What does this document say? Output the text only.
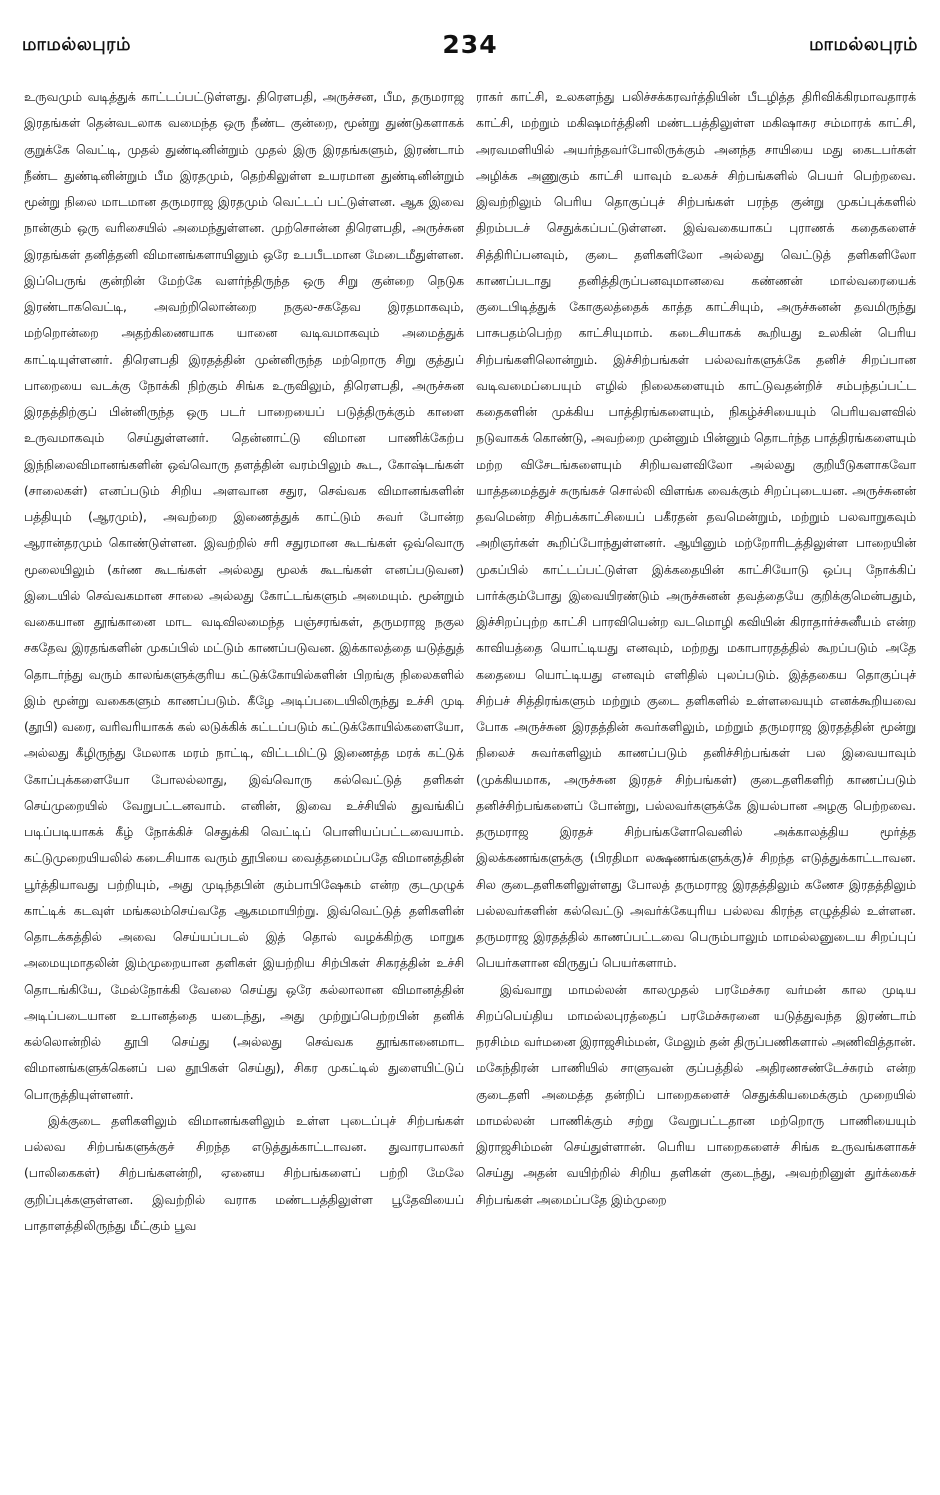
மாமல்லபுரம்	234	மாமல்லபுரம்

உருவமும் வடித்துக் காட்டப்பட்டுள்ளது. திரௌபதி, அருச்சன, பீம, தருமராஜ இரதங்கள் தென்வடலாக வமைந்த ஒரு நீண்ட குன்றை, மூன்று துண்டுகளாகக் குறுக்கே வெட்டி, முதல் துண்டினின்றும் முதல் இரு இரதங்களும், இரண்டாம் நீண்ட துண்டினின்றும் பீம இரதமும், தெற்கிலுள்ள உயரமான துண்டினின்றும் மூன்று நிலை மாடமான தருமராஜ இரதமும் வெட்டப் பட்டுள்ளன. ஆக இவை நான்கும் ஒரு வரிசையில் அமைந்துள்ளன. முற்சொன்ன திரௌபதி, அருச்சுன இரதங்கள் தனித்தனி விமானங்களாயினும் ஒரே உபபீடமான மேடைமீதுள்ளன. இப்பெருங் குன்றின் மேற்கே வளர்ந்திருந்த ஒரு சிறு குன்றை நெடுக இரண்டாகவெட்டி, அவற்றிலொன்றை நகுல-சகதேவ இரதமாகவும், மற்றொன்றை அதற்கிணையாக யானை வடிவமாகவும் அமைத்துக் காட்டியுள்ளனர். திரௌபதி இரதத்தின் முன்னிருந்த மற்றொரு சிறு குத்துப் பாறையை வடக்கு நோக்கி நிற்கும் சிங்க உருவிலும், திரௌபதி, அருச்சுன இரதத்திற்குப் பின்னிருந்த ஒரு படர் பாறையைப் படுத்திருக்கும் காளை உருவமாகவும் செய்துள்ளனர். தென்னாட்டு விமான பாணிக்கேற்ப இந்நிலைவிமானங்களின் ஒவ்வொரு தளத்தின் வரம்பிலும் கூட, கோஷ்டங்கள் (சாலைகள்) எனப்படும் சிறிய அளவான சதுர, செவ்வக விமானங்களின் பத்தியும் (ஆரமும்), அவற்றை இணைத்துக் காட்டும் சுவர் போன்ற ஆரான்தரமும் கொண்டுள்ளன. இவற்றில் சரி சதுரமான கூடங்கள் ஒவ்வொரு மூலையிலும் (கர்ண கூடங்கள் அல்லது மூலக் கூடங்கள் எனப்படுவன) இடையில் செவ்வகமான சாலை அல்லது கோட்டங்களும் அமையும். மூன்றும் வகையான தூங்கானை மாட வடிவிலமைந்த பஞ்சரங்கள், தருமராஜ நகுல சகதேவ இரதங்களின் முகப்பில் மட்டும் காணப்படுவன. இக்காலத்தை யடுத்துத் தொடர்ந்து வரும் காலங்களுக்குரிய கட்டுக்கோயில்களின் பிறங்கு நிலைகளில் இம் மூன்று வகைகளும் காணப்படும். கீழே அடிப்படையிலிருந்து உச்சி முடி (தூபி) வரை, வரிவரியாகக் கல் லடுக்கிக் கட்டப்படும் கட்டுக்கோயில்களையோ, அல்லது கீழிருந்து மேலாக மரம் நாட்டி, விட்டமிட்டு இணைத்த மரக் கட்டுக் கோப்புக்களையோ போலல்லாது, இவ்வொரு கல்வெட்டுத் தளிகள் செய்முறையில் வேறுபட்டனவாம். எனின், இவை உச்சியில் துவங்கிப் படிப்படியாகக் கீழ் நோக்கிச் செதுக்கி வெட்டிப் பொளியப்பட்டவையாம். கட்டுமுறையியலில் கடைசியாக வரும் தூபியை வைத்தமைப்பதே விமானத்தின் பூர்த்தியாவது பற்றியும், அது முடிந்தபின் கும்பாபிஷேகம் என்ற குடமுழுக் காட்டிக் கடவுள் மங்கலம்செய்வதே ஆகமமாயிற்று. இவ்வெட்டுத் தளிகளின் தொடக்கத்தில் அவை செய்யப்படல் இத் தொல் வழக்கிற்கு மாறுக அமையுமாதலின் இம்முறையான தளிகள் இயற்றிய சிற்பிகள் சிகரத்தின் உச்சி தொடங்கியே, மேல்நோக்கி வேலை செய்து ஒரே கல்லாலான விமானத்தின் அடிப்படையான உபானத்தை யடைந்து, அது முற்றுப்பெற்றபின் தனிக் கல்லொன்றில் தூபி செய்து (அல்லது செவ்வக தூங்கானைமாட விமானங்களுக்கெனப் பல தூபிகள் செய்து), சிகர முகட்டில் துளையிட்டுப் பொருத்தியுள்ளனர்.

இக்குடை தளிகளிலும் விமானங்களிலும் உள்ள புடைப்புச் சிற்பங்கள் பல்லவ சிற்பங்களுக்குச் சிறந்த எடுத்துக்காட்டாவன. துவாரபாலகர் (பாலிகைகள்) சிற்பங்களன்றி, ஏனைய சிற்பங்களைப் பற்றி மேலே குறிப்புக்களுள்ளன. இவற்றில் வராக மண்டபத்திலுள்ள பூதேவியைப் பாதாளத்திலிருந்து மீட்கும் பூவ

ராகர் காட்சி, உலகளந்து பலிச்சக்கரவர்த்தியின் பீடழித்த திரிவிக்கிரமாவதாரக் காட்சி, மற்றும் மகிஷமர்த்தினி மண்டபத்திலுள்ள மகிஷாசுர சம்மாரக் காட்சி, அரவமளியில் அயர்ந்தவர்போலிருக்கும் அனந்த சாயியை மது கைடபர்கள் அழிக்க அணுகும் காட்சி யாவும் உலகச் சிற்பங்களில் பெயர் பெற்றவை. இவற்றிலும் பெரிய தொகுப்புச் சிற்பங்கள் பரந்த குன்று முகப்புக்களில் திறம்படச் செதுக்கப்பட்டுள்ளன. இவ்வகையாகப் புராணக் கதைகளைச் சித்திரிப்பனவும், குடை தளிகளிலோ அல்லது வெட்டுத் தளிகளிலோ காணப்படாது தனித்திருப்பனவுமானவை கண்ணன் மால்வரையைக் குடைபிடித்துக் கோகுலத்தைக் காத்த காட்சியும், அருச்சுனன் தவமிருந்து பாசுபதம்பெற்ற காட்சியுமாம். கடைசியாகக் கூறியது உலகின் பெரிய சிற்பங்களிலொன்றும். இச்சிற்பங்கள் பல்லவர்களுக்கே தனிச் சிறப்பான வடிவமைப்பையும் எழில் நிலைகளையும் காட்டுவதன்றிச் சம்பந்தப்பட்ட கதைகளின் முக்கிய பாத்திரங்களையும், நிகழ்ச்சியையும் பெரியவளவில் நடுவாகக் கொண்டு, அவற்றை முன்னும் பின்னும் தொடர்ந்த பாத்திரங்களையும் மற்ற விசேடங்களையும் சிறியவளவிலோ அல்லது குறியீடுகளாகவோ யாத்தமைத்துச் சுருங்கச் சொல்லி விளங்க வைக்கும் சிறப்புடையன. அருச்சுனன் தவமென்ற சிற்பக்காட்சியைப் பகீரதன் தவமென்றும், மற்றும் பலவாறுகவும் அறிஞர்கள் கூறிப்போந்துள்ளனர். ஆயினும் மற்றோரிடத்திலுள்ள பாறையின் முகப்பில் காட்டப்பட்டுள்ள இக்கதையின் காட்சியோடு ஒப்பு நோக்கிப் பார்க்கும்போது இவையிரண்டும் அருச்சுனன் தவத்தையே குறிக்குமென்பதும், இச்சிறப்புற்ற காட்சி பாரவியென்ற வடமொழி கவியின் கிராதார்ச்சுனீயம் என்ற காவியத்தை யொட்டியது எனவும், மற்றது மகாபாரதத்தில் கூறப்படும் அதே கதையை யொட்டியது எனவும் எளிதில் புலப்படும். இத்தகைய தொகுப்புச் சிற்பச் சித்திரங்களும் மற்றும் குடை தளிகளில் உள்ளவையும் எனக்கூறியவை போக அருச்சுன இரதத்தின் சுவர்களிலும், மற்றும் தருமராஜ இரதத்தின் மூன்று நிலைச் சுவர்களிலும் காணப்படும் தனிச்சிற்பங்கள் பல இவையாவும் (முக்கியமாக, அருச்சுன இரதச் சிற்பங்கள்) குடைதளிகளிற் காணப்படும் தனிச்சிற்பங்களைப் போன்று, பல்லவர்களுக்கே இயல்பான அழகு பெற்றவை. தருமராஜ இரதச் சிற்பங்களோவெனில் அக்காலத்திய மூர்த்த இலக்கணங்களுக்கு (பிரதிமா லக்ஷணங்களுக்கு)ச் சிறந்த எடுத்துக்காட்டாவன. சில குடைதளிகளிலுள்ளது போலத் தருமராஜ இரதத்திலும் கணேச இரதத்திலும் பல்லவர்களின் கல்வெட்டு அவர்க்கேயுரிய பல்லவ கிரந்த எழுத்தில் உள்ளன. தருமராஜ இரதத்தில் காணப்பட்டவை பெரும்பாலும் மாமல்லனுடைய சிறப்புப் பெயர்களான விருதுப் பெயர்களாம்.

இவ்வாறு மாமல்லன் காலமுதல் பரமேச்சுர வர்மன் கால முடிய சிறப்பெய்திய மாமல்லபுரத்தைப் பரமேச்சுரனை யடுத்துவந்த இரண்டாம் நரசிம்ம வர்மனை இராஜசிம்மன், மேலும் தன் திருப்பணிகளால் அணிவித்தான். மகேந்திரன் பாணியில் சாளுவன் குப்பத்தில் அதிரணசண்டேச்சுரம் என்ற குடைதளி அமைத்த தன்றிப் பாறைகளைச் செதுக்கியமைக்கும் முறையில் மாமல்லன் பாணிக்கும் சற்று வேறுபட்டதான மற்றொரு பாணியையும் இராஜசிம்மன் செய்துள்ளான். பெரிய பாறைகளைச் சிங்க உருவங்களாகச் செய்து அதன் வயிற்றில் சிறிய தளிகள் குடைந்து, அவற்றினுள் துர்க்கைச் சிற்பங்கள் அமைப்பதே இம்முறை
